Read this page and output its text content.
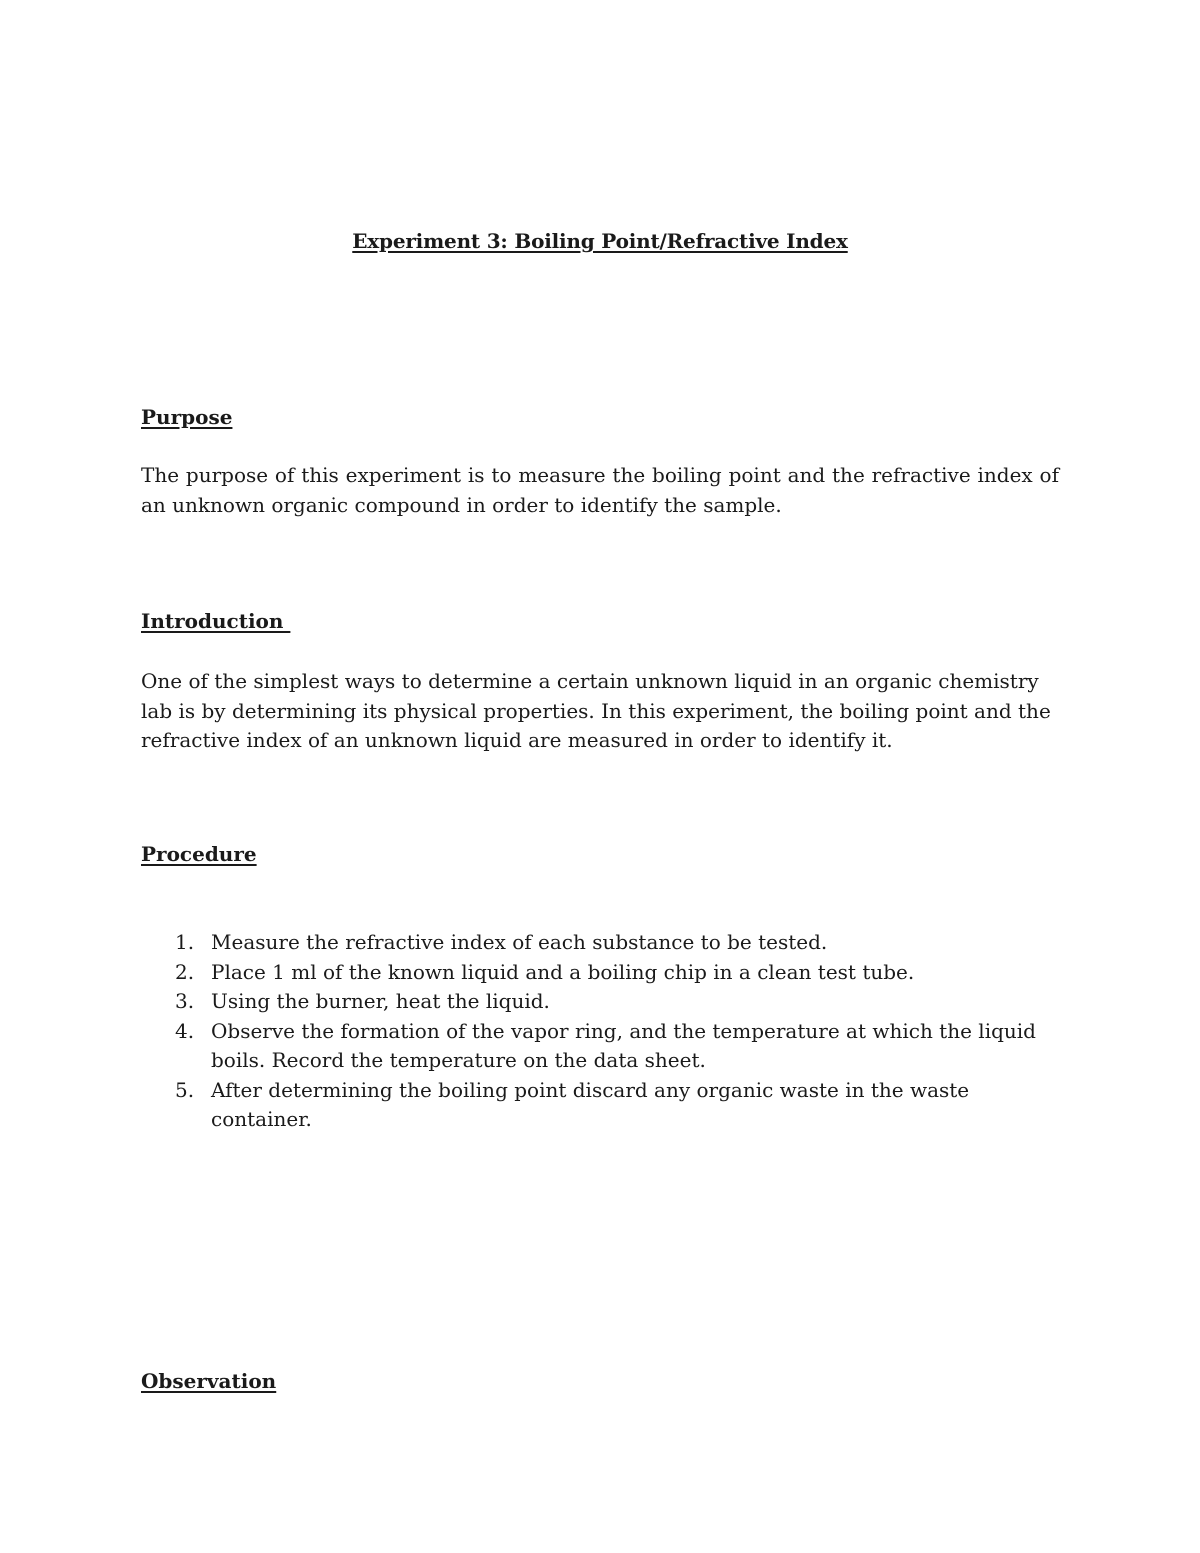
Experiment 3: Boiling Point/Refractive Index
Purpose

The purpose of this experiment is to measure the boiling point and the refractive index of an unknown organic compound in order to identify the sample.

Introduction

One of the simplest ways to determine a certain unknown liquid in an organic chemistry lab is by determining its physical properties. In this experiment, the boiling point and the refractive index of an unknown liquid are measured in order to identify it.

Procedure
1. Measure the refractive index of each substance to be tested.
2. Place 1 ml of the known liquid and a boiling chip in a clean test tube.
3. Using the burner, heat the liquid.
4. Observe the formation of the vapor ring, and the temperature at which the liquid boils. Record the temperature on the data sheet.
5. After determining the boiling point discard any organic waste in the waste container.
Observation
